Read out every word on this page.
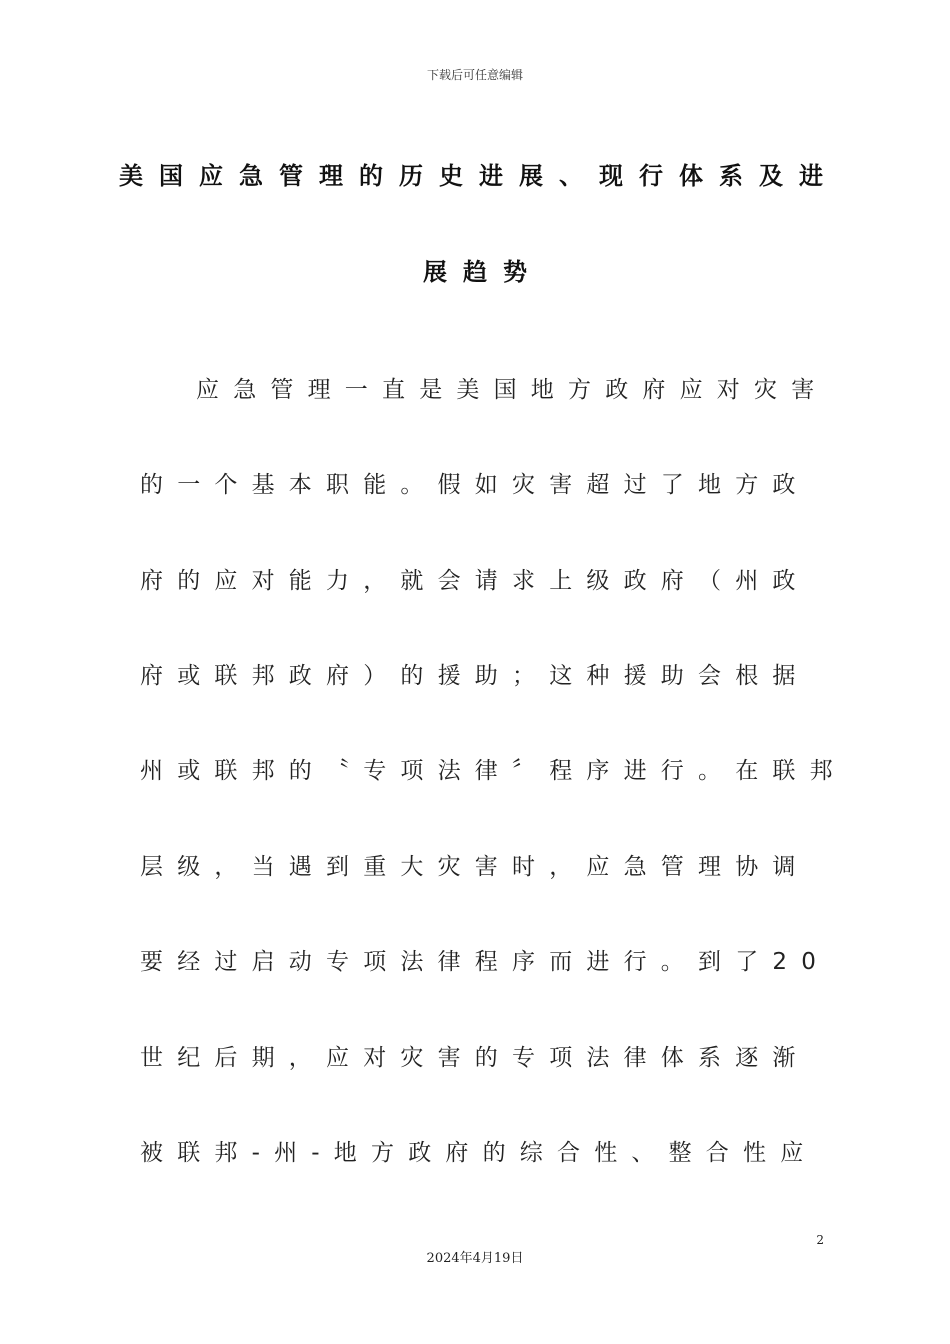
下载后可任意编辑
美国应急管理的历史进展、现行体系及进
展趋势
应急管理一直是美国地方政府应对灾害
的一个基本职能。假如灾害超过了地方政
府的应对能力，就会请求上级政府（州政
府或联邦政府）的援助；这种援助会根据
州或联邦的〝专项法律〞程序进行。在联邦
层级，当遇到重大灾害时，应急管理协调
要经过启动专项法律程序而进行。到了20
世纪后期，应对灾害的专项法律体系逐渐
被联邦-州-地方政府的综合性、整合性应
2
2024年4月19日
